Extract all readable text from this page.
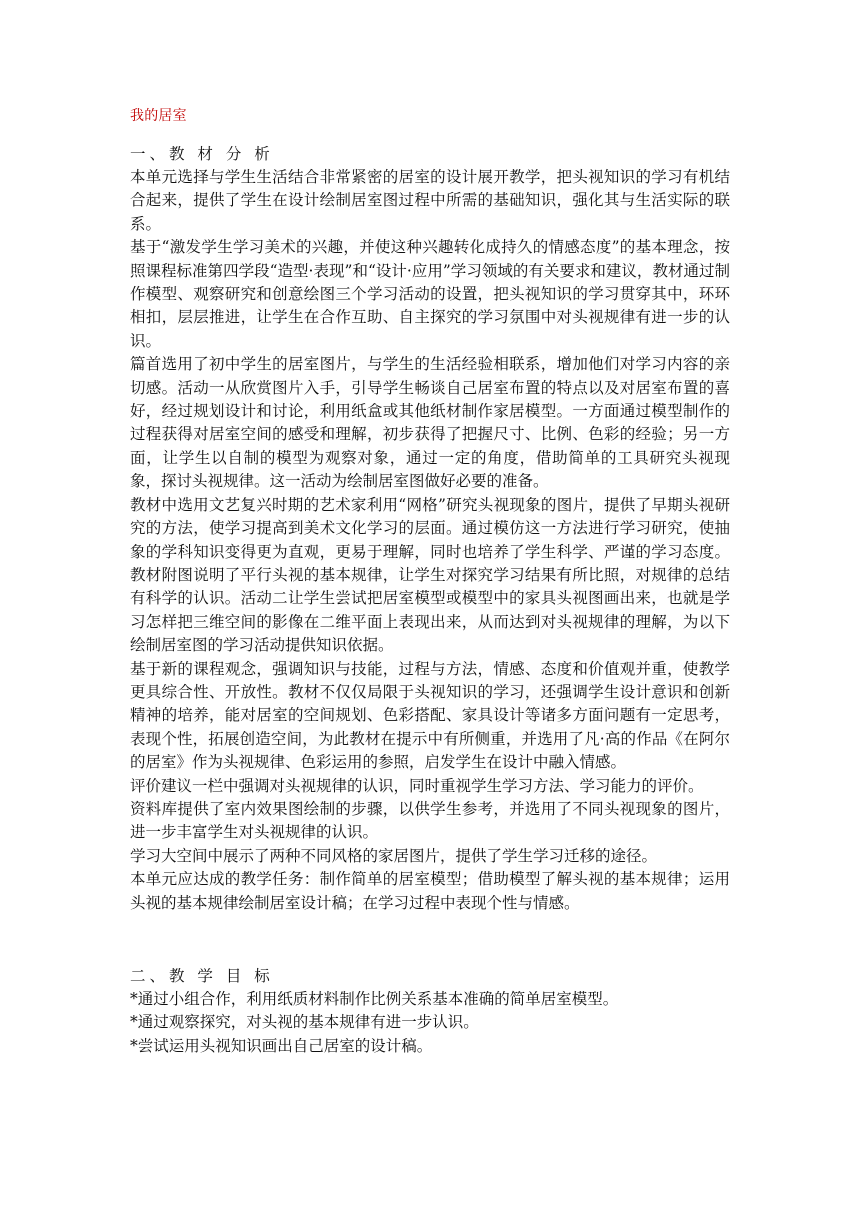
我的居室
一、教 材 分 析

本单元选择与学生生活结合非常紧密的居室的设计展开教学，把头视知识的学习有机结合起来，提供了学生在设计绘制居室图过程中所需的基础知识，强化其与生活实际的联系。

基于“激发学生学习美术的兴趣，并使这种兴趣转化成持久的情感态度”的基本理念，按照课程标准第四学段“造型·表现”和“设计·应用”学习领域的有关要求和建议，教材通过制作模型、观察研究和创意绘图三个学习活动的设置，把头视知识的学习贯穿其中，环环相扣，层层推进，让学生在合作互助、自主探究的学习氛围中对头视规律有进一步的认识。

篇首选用了初中学生的居室图片，与学生的生活经验相联系，增加他们对学习内容的亲切感。活动一从欣赏图片入手，引导学生畅谈自己居室布置的特点以及对居室布置的喜好，经过规划设计和讨论，利用纸盒或其他纸材制作家居模型。一方面通过模型制作的过程获得对居室空间的感受和理解，初步获得了把握尺寸、比例、色彩的经验；另一方面，让学生以自制的模型为观察对象，通过一定的角度，借助简单的工具研究头视现象，探讨头视规律。这一活动为绘制居室图做好必要的准备。

教材中选用文艺复兴时期的艺术家利用“网格”研究头视现象的图片，提供了早期头视研究的方法，使学习提高到美术文化学习的层面。通过模仿这一方法进行学习研究，使抽象的学科知识变得更为直观，更易于理解，同时也培养了学生科学、严谨的学习态度。教材附图说明了平行头视的基本规律，让学生对探究学习结果有所比照，对规律的总结有科学的认识。活动二让学生尝试把居室模型或模型中的家具头视图画出来，也就是学习怎样把三维空间的影像在二维平面上表现出来，从而达到对头视规律的理解，为以下绘制居室图的学习活动提供知识依据。

基于新的课程观念，强调知识与技能，过程与方法，情感、态度和价值观并重，使教学更具综合性、开放性。教材不仅仅局限于头视知识的学习，还强调学生设计意识和创新精神的培养，能对居室的空间规划、色彩搭配、家具设计等诸多方面问题有一定思考，表现个性，拓展创造空间，为此教材在提示中有所侧重，并选用了凡·高的作品《在阿尔的居室》作为头视规律、色彩运用的参照，启发学生在设计中融入情感。

评价建议一栏中强调对头视规律的认识，同时重视学生学习方法、学习能力的评价。

资料库提供了室内效果图绘制的步骤，以供学生参考，并选用了不同头视现象的图片，进一步丰富学生对头视规律的认识。

学习大空间中展示了两种不同风格的家居图片，提供了学生学习迁移的途径。

本单元应达成的教学任务：制作简单的居室模型；借助模型了解头视的基本规律；运用头视的基本规律绘制居室设计稿；在学习过程中表现个性与情感。

二、教 学 目 标

*通过小组合作，利用纸质材料制作比例关系基本准确的简单居室模型。

*通过观察探究，对头视的基本规律有进一步认识。

*尝试运用头视知识画出自己居室的设计稿。
